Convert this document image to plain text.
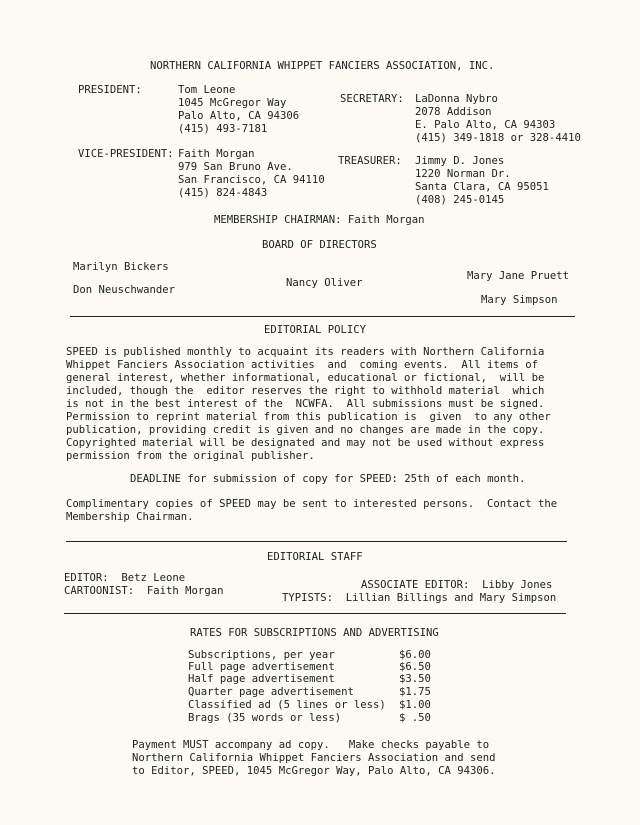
NORTHERN CALIFORNIA WHIPPET FANCIERS ASSOCIATION, INC.
PRESIDENT:	Tom Leone
1045 McGregor Way
Palo Alto, CA 94306
(415) 493-7181
SECRETARY: LaDonna Nybro
2078 Addison
E. Palo Alto, CA 94303
(415) 349-1818 or 328-4410
VICE-PRESIDENT: Faith Morgan
979 San Bruno Ave.
San Francisco, CA 94110
(415) 824-4843
TREASURER: Jimmy D. Jones
1220 Norman Dr.
Santa Clara, CA 95051
(408) 245-0145
MEMBERSHIP CHAIRMAN: Faith Morgan
BOARD OF DIRECTORS
Marilyn Bickers
Nancy Oliver
Mary Jane Pruett
Don Neuschwander
Mary Simpson
EDITORIAL POLICY
SPEED is published monthly to acquaint its readers with Northern California
Whippet Fanciers Association activities  and  coming events.  All items of
general interest, whether informational, educational or fictional,  will be
included, though the  editor reserves the right to withhold material  which
is not in the best interest of the  NCWFA.  All submissions must be signed.
Permission to reprint material from this publication is  given  to any other
publication, providing credit is given and no changes are made in the copy.
Copyrighted material will be designated and may not be used without express
permission from the original publisher.
DEADLINE for submission of copy for SPEED: 25th of each month.
Complimentary copies of SPEED may be sent to interested persons.  Contact the
Membership Chairman.
EDITORIAL STAFF
EDITOR:  Betz Leone
ASSOCIATE EDITOR:  Libby Jones
CARTOONIST:  Faith Morgan
TYPISTS:  Lillian Billings and Mary Simpson
RATES FOR SUBSCRIPTIONS AND ADVERTISING
Subscriptions, per year	$6.00
Full page advertisement	$6.50
Half page advertisement	$3.50
Quarter page advertisement	$1.75
Classified ad (5 lines or less) $1.00
Brags (35 words or less)	$ .50
Payment MUST accompany ad copy.   Make checks payable to
Northern California Whippet Fanciers Association and send
to Editor, SPEED, 1045 McGregor Way, Palo Alto, CA 94306.
